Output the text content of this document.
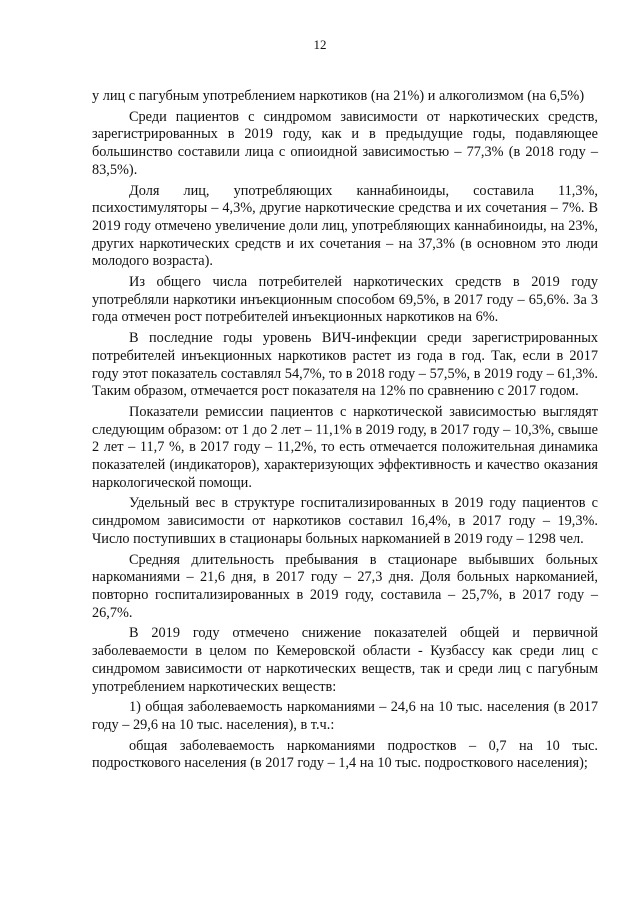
12

у лиц с пагубным употреблением наркотиков (на 21%) и алкоголизмом (на 6,5%)

Среди пациентов с синдромом зависимости от наркотических средств, зарегистрированных в 2019 году, как и в предыдущие годы, подавляющее большинство составили лица с опиоидной зависимостью – 77,3% (в 2018 году – 83,5%).

Доля лиц, употребляющих каннабиноиды, составила 11,3%, психостимуляторы – 4,3%, другие наркотические средства и их сочетания – 7%. В 2019 году отмечено увеличение доли лиц, употребляющих каннабиноиды, на 23%, других наркотических средств и их сочетания – на 37,3% (в основном это люди молодого возраста).

Из общего числа потребителей наркотических средств в 2019 году употребляли наркотики инъекционным способом 69,5%, в 2017 году – 65,6%. За 3 года отмечен рост потребителей инъекционных наркотиков на 6%.

В последние годы уровень ВИЧ-инфекции среди зарегистрированных потребителей инъекционных наркотиков растет из года в год. Так, если в 2017 году этот показатель составлял 54,7%, то в 2018 году – 57,5%, в 2019 году – 61,3%. Таким образом, отмечается рост показателя на 12% по сравнению с 2017 годом.

Показатели ремиссии пациентов с наркотической зависимостью выглядят следующим образом: от 1 до 2 лет – 11,1% в 2019 году, в 2017 году – 10,3%, свыше 2 лет – 11,7 %, в 2017 году – 11,2%, то есть отмечается положительная динамика показателей (индикаторов), характеризующих эффективность и качество оказания наркологической помощи.

Удельный вес в структуре госпитализированных в 2019 году пациентов с синдромом зависимости от наркотиков составил 16,4%, в 2017 году – 19,3%. Число поступивших в стационары больных наркоманией в 2019 году – 1298 чел.

Средняя длительность пребывания в стационаре выбывших больных наркоманиями – 21,6 дня, в 2017 году – 27,3 дня. Доля больных наркоманией, повторно госпитализированных в 2019 году, составила – 25,7%, в 2017 году – 26,7%.

В 2019 году отмечено снижение показателей общей и первичной заболеваемости в целом по Кемеровской области - Кузбассу как среди лиц с синдромом зависимости от наркотических веществ, так и среди лиц с пагубным употреблением наркотических веществ:

1) общая заболеваемость наркоманиями – 24,6 на 10 тыс. населения (в 2017 году – 29,6 на 10 тыс. населения), в т.ч.:

общая заболеваемость наркоманиями подростков – 0,7 на 10 тыс. подросткового населения (в 2017 году – 1,4 на 10 тыс. подросткового населения);
